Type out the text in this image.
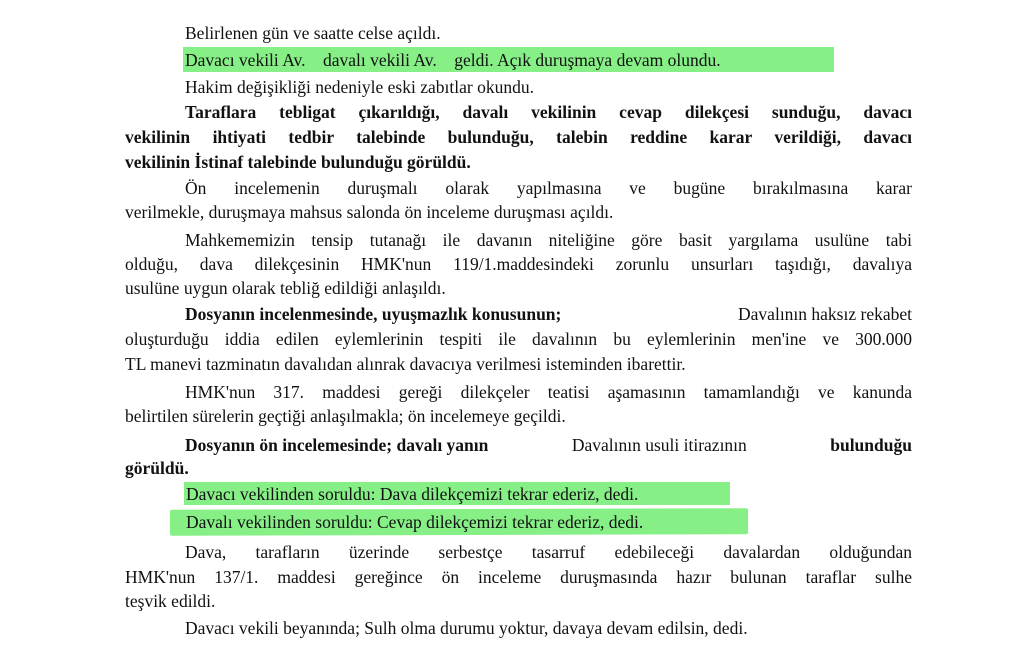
Belirlenen gün ve saatte celse açıldı.
Davacı vekili Av.    davalı vekili Av.    geldi. Açık duruşmaya devam olundu.
Hakim değişikliği nedeniyle eski zabıtlar okundu.
Taraflara tebligat çıkarıldığı, davalı vekilinin cevap dilekçesi sunduğu, davacı
vekilinin ihtiyati tedbir talebinde bulunduğu, talebin reddine karar verildiği, davacı
vekilinin İstinaf talebinde bulunduğu görüldü.
Ön incelemenin duruşmalı olarak yapılmasına ve bugüne bırakılmasına karar
verilmekle, duruşmaya mahsus salonda ön inceleme duruşması açıldı.
Mahkememizin tensip tutanağı ile davanın niteliğine göre basit yargılama usulüne tabi
olduğu, dava dilekçesinin HMK'nun 119/1.maddesindeki zorunlu unsurları taşıdığı, davalıya
usulüne uygun olarak tebliğ edildiği anlaşıldı.
Dosyanın incelenmesinde, uyuşmazlık konusunun;	Davalının haksız rekabet
oluşturduğu iddia edilen eylemlerinin tespiti ile davalının bu eylemlerinin men'ine ve 300.000
TL manevi tazminatın davalıdan alınrak davacıya verilmesi isteminden ibarettir.
HMK'nun 317. maddesi gereği dilekçeler teatisi aşamasının tamamlandığı ve kanunda
belirtilen sürelerin geçtiği anlaşılmakla; ön incelemeye geçildi.
Dosyanın ön incelemesinde; davalı yanın	Davalının usuli itirazının	bulunduğu
görüldü.
Davacı vekilinden soruldu: Dava dilekçemizi tekrar ederiz, dedi.
Davalı vekilinden soruldu: Cevap dilekçemizi tekrar ederiz, dedi.
Dava, tarafların üzerinde serbestçe tasarruf edebileceği davalardan olduğundan
HMK'nun 137/1. maddesi gereğince ön inceleme duruşmasında hazır bulunan taraflar sulhe
teşvik edildi.
Davacı vekili beyanında; Sulh olma durumu yoktur, davaya devam edilsin, dedi.
